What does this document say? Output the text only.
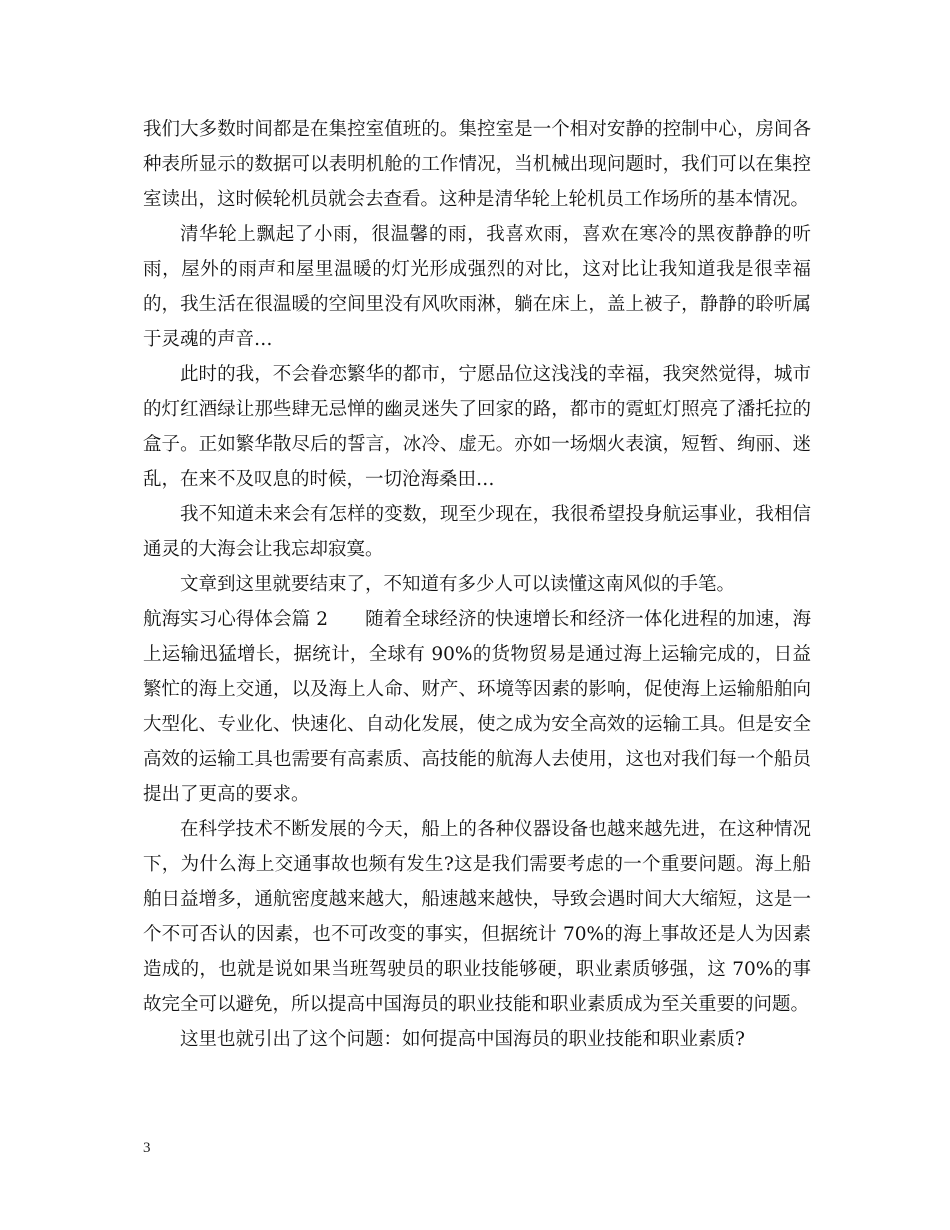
我们大多数时间都是在集控室值班的。集控室是一个相对安静的控制中心，房间各种表所显示的数据可以表明机舱的工作情况，当机械出现问题时，我们可以在集控室读出，这时候轮机员就会去查看。这种是清华轮上轮机员工作场所的基本情况。

清华轮上飘起了小雨，很温馨的雨，我喜欢雨，喜欢在寒冷的黑夜静静的听雨，屋外的雨声和屋里温暖的灯光形成强烈的对比，这对比让我知道我是很幸福的，我生活在很温暖的空间里没有风吹雨淋，躺在床上，盖上被子，静静的聆听属于灵魂的声音…

此时的我，不会眷恋繁华的都市，宁愿品位这浅浅的幸福，我突然觉得，城市的灯红酒绿让那些肆无忌惮的幽灵迷失了回家的路，都市的霓虹灯照亮了潘托拉的盒子。正如繁华散尽后的誓言，冰冷、虚无。亦如一场烟火表演，短暂、绚丽、迷乱，在来不及叹息的时候，一切沧海桑田…

我不知道未来会有怎样的变数，现至少现在，我很希望投身航运事业，我相信通灵的大海会让我忘却寂寞。

文章到这里就要结束了，不知道有多少人可以读懂这南风似的手笔。

航海实习心得体会篇 2 随着全球经济的快速增长和经济一体化进程的加速，海上运输迅猛增长，据统计，全球有 90%的货物贸易是通过海上运输完成的，日益繁忙的海上交通，以及海上人命、财产、环境等因素的影响，促使海上运输船舶向大型化、专业化、快速化、自动化发展，使之成为安全高效的运输工具。但是安全高效的运输工具也需要有高素质、高技能的航海人去使用，这也对我们每一个船员提出了更高的要求。

在科学技术不断发展的今天，船上的各种仪器设备也越来越先进，在这种情况下，为什么海上交通事故也频有发生?这是我们需要考虑的一个重要问题。海上船舶日益增多，通航密度越来越大，船速越来越快，导致会遇时间大大缩短，这是一个不可否认的因素，也不可改变的事实，但据统计 70%的海上事故还是人为因素造成的，也就是说如果当班驾驶员的职业技能够硬，职业素质够强，这 70%的事故完全可以避免，所以提高中国海员的职业技能和职业素质成为至关重要的问题。

这里也就引出了这个问题：如何提高中国海员的职业技能和职业素质?

3
